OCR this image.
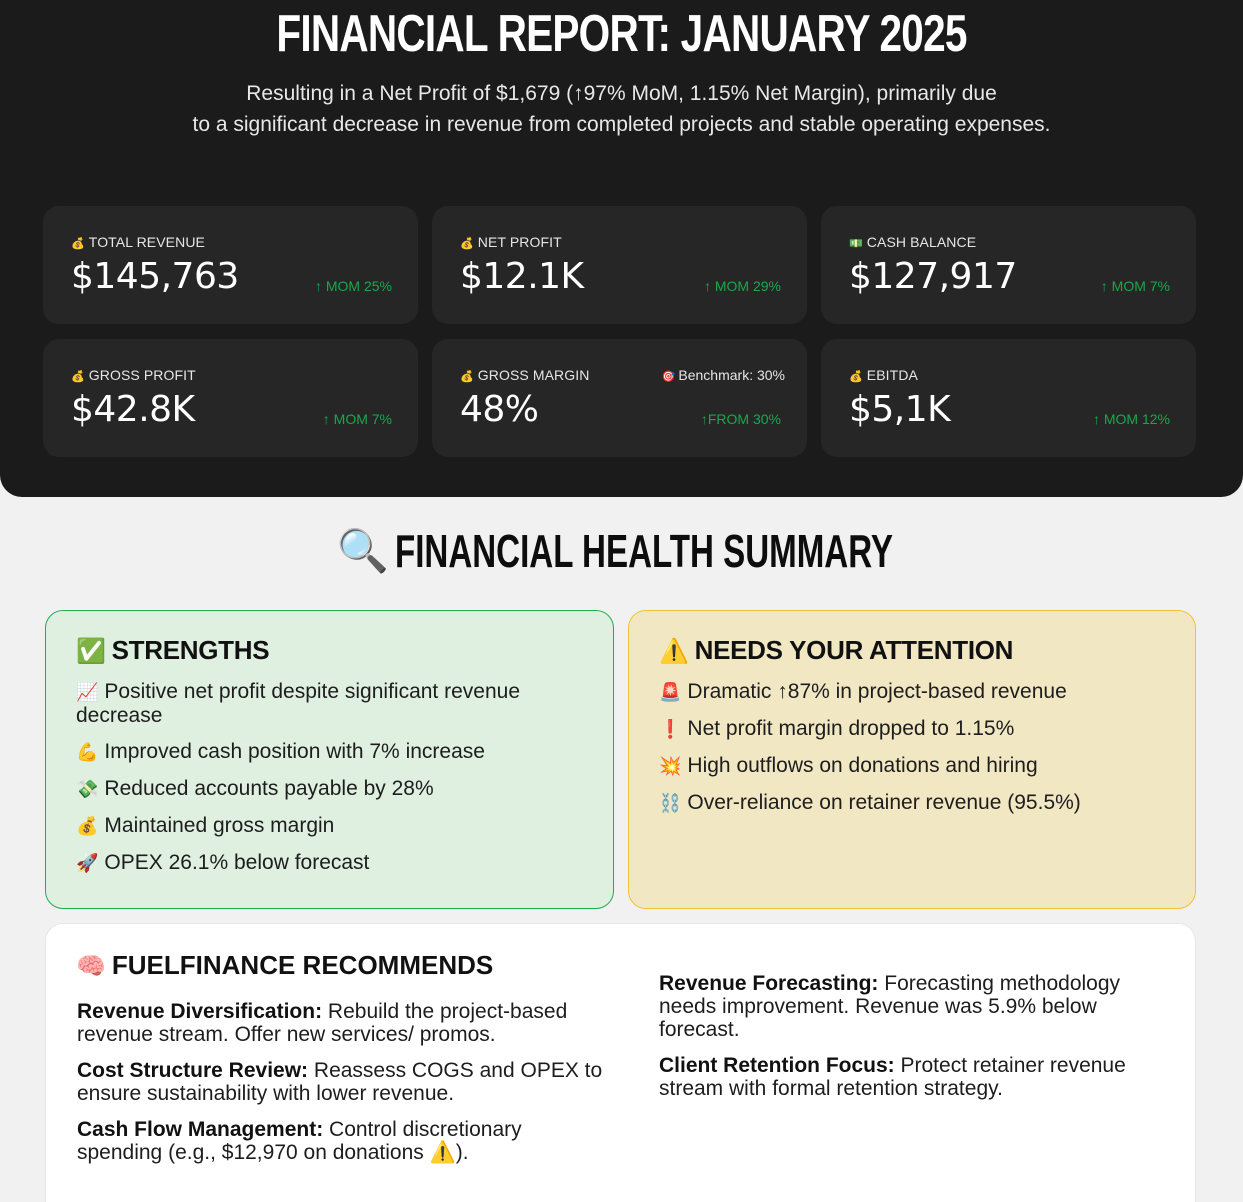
FINANCIAL REPORT: JANUARY 2025
Resulting in a Net Profit of $1,679 (↑97% MoM, 1.15% Net Margin), primarily due
to a significant decrease in revenue from completed projects and stable operating expenses.
💰 TOTAL REVENUE
$145,763	↑ MOM 25%
💰 NET PROFIT
$12.1K	↑ MOM 29%
💵 CASH BALANCE
$127,917	↑ MOM 7%
💰 GROSS PROFIT
$42.8K	↑ MOM 7%
💰 GROSS MARGIN	🎯 Benchmark: 30%
48%	↑FROM 30%
💰 EBITDA
$5,1K	↑ MOM 12%
🔍 FINANCIAL HEALTH SUMMARY
✅ STRENGTHS
📈 Positive net profit despite significant revenue decrease
💪 Improved cash position with 7% increase
💸 Reduced accounts payable by 28%
💰 Maintained gross margin
🚀 OPEX 26.1% below forecast
⚠️ NEEDS YOUR ATTENTION
🚨 Dramatic ↑87% in project-based revenue
❗ Net profit margin dropped to 1.15%
💥 High outflows on donations and hiring
⛓️ Over-reliance on retainer revenue (95.5%)
🧠 FUELFINANCE RECOMMENDS

Revenue Diversification: Rebuild the project-based revenue stream. Offer new services/ promos.

Cost Structure Review: Reassess COGS and OPEX to ensure sustainability with lower revenue.

Cash Flow Management: Control discretionary spending (e.g., $12,970 on donations ⚠️).

Revenue Forecasting: Forecasting methodology needs improvement. Revenue was 5.9% below forecast.

Client Retention Focus: Protect retainer revenue stream with formal retention strategy.
